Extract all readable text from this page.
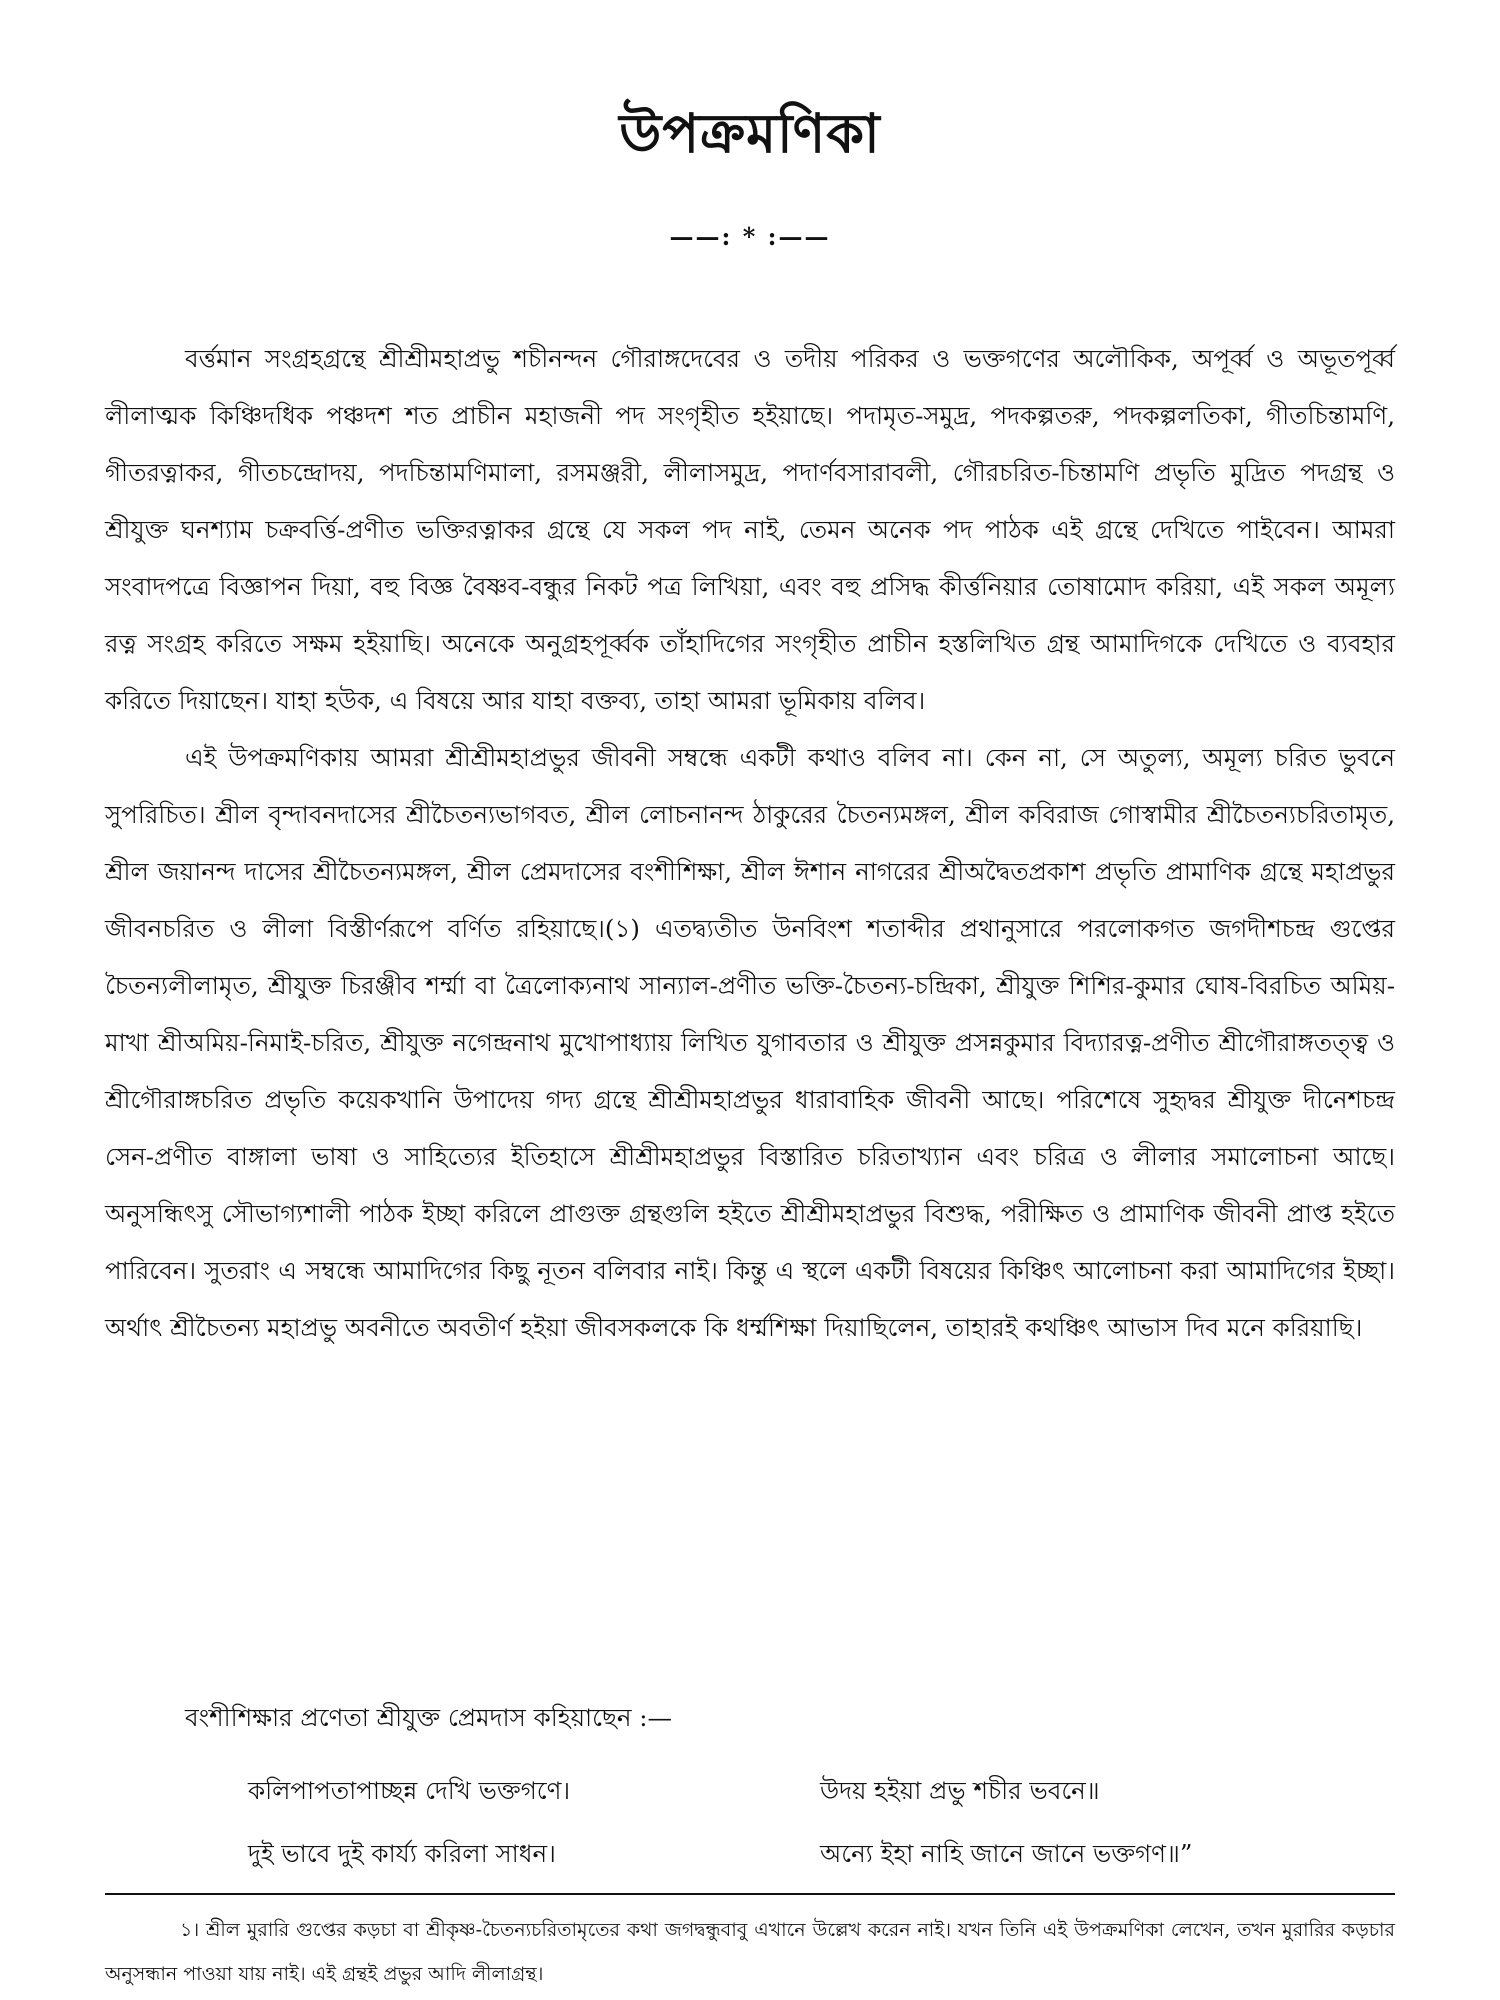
উপক্রমণিকা
——: * :——

বর্ত্তমান সংগ্রহগ্রন্থে শ্রীশ্রীমহাপ্রভু শচীনন্দন গৌরাঙ্গদেবের ও তদীয় পরিকর ও ভক্তগণের অলৌকিক, অপূর্ব্ব ও অভূতপূর্ব্ব লীলাত্মক কিঞ্চিদধিক পঞ্চদশ শত প্রাচীন মহাজনী পদ সংগৃহীত হইয়াছে। পদামৃত-সমুদ্র, পদকল্পতরু, পদকল্পলতিকা, গীতচিন্তামণি, গীতরত্নাকর, গীতচন্দ্রোদয়, পদচিন্তামণিমালা, রসমঞ্জরী, লীলাসমুদ্র, পদার্ণবসারাবলী, গৌরচরিত-চিন্তামণি প্রভৃতি মুদ্রিত পদগ্রন্থ ও শ্রীযুক্ত ঘনশ্যাম চক্রবর্ত্তি-প্রণীত ভক্তিরত্নাকর গ্রন্থে যে সকল পদ নাই, তেমন অনেক পদ পাঠক এই গ্রন্থে দেখিতে পাইবেন। আমরা সংবাদপত্রে বিজ্ঞাপন দিয়া, বহু বিজ্ঞ বৈষ্ণব-বন্ধুর নিকট পত্র লিখিয়া, এবং বহু প্রসিদ্ধ কীর্ত্তনিয়ার তোষামোদ করিয়া, এই সকল অমূল্য রত্ন সংগ্রহ করিতে সক্ষম হইয়াছি। অনেকে অনুগ্রহপূর্ব্বক তাঁহাদিগের সংগৃহীত প্রাচীন হস্তলিখিত গ্রন্থ আমাদিগকে দেখিতে ও ব্যবহার করিতে দিয়াছেন। যাহা হউক, এ বিষয়ে আর যাহা বক্তব্য, তাহা আমরা ভূমিকায় বলিব।

এই উপক্রমণিকায় আমরা শ্রীশ্রীমহাপ্রভুর জীবনী সম্বন্ধে একটী কথাও বলিব না। কেন না, সে অতুল্য, অমূল্য চরিত ভুবনে সুপরিচিত। শ্রীল বৃন্দাবনদাসের শ্রীচৈতন্যভাগবত, শ্রীল লোচনানন্দ ঠাকুরের চৈতন্যমঙ্গল, শ্রীল কবিরাজ গোস্বামীর শ্রীচৈতন্যচরিতামৃত, শ্রীল জয়ানন্দ দাসের শ্রীচৈতন্যমঙ্গল, শ্রীল প্রেমদাসের বংশীশিক্ষা, শ্রীল ঈশান নাগরের শ্রীঅদ্বৈতপ্রকাশ প্রভৃতি প্রামাণিক গ্রন্থে মহাপ্রভুর জীবনচরিত ও লীলা বিস্তীর্ণরূপে বর্ণিত রহিয়াছে।(১) এতদ্ব্যতীত উনবিংশ শতাব্দীর প্রথানুসারে পরলোকগত জগদীশচন্দ্র গুপ্তের চৈতন্যলীলামৃত, শ্রীযুক্ত চিরঞ্জীব শর্ম্মা বা ত্রৈলোক্যনাথ সান্যাল-প্রণীত ভক্তি-চৈতন্য-চন্দ্রিকা, শ্রীযুক্ত শিশির-কুমার ঘোষ-বিরচিত অমিয়-মাখা শ্রীঅমিয়-নিমাই-চরিত, শ্রীযুক্ত নগেন্দ্রনাথ মুখোপাধ্যায় লিখিত যুগাবতার ও শ্রীযুক্ত প্রসন্নকুমার বিদ্যারত্ন-প্রণীত শ্রীগৌরাঙ্গতত্ত্ব ও শ্রীগৌরাঙ্গচরিত প্রভৃতি কয়েকখানি উপাদেয় গদ্য গ্রন্থে শ্রীশ্রীমহাপ্রভুর ধারাবাহিক জীবনী আছে। পরিশেষে সুহৃদ্বর শ্রীযুক্ত দীনেশচন্দ্র সেন-প্রণীত বাঙ্গালা ভাষা ও সাহিত্যের ইতিহাসে শ্রীশ্রীমহাপ্রভুর বিস্তারিত চরিতাখ্যান এবং চরিত্র ও লীলার সমালোচনা আছে। অনুসন্ধিৎসু সৌভাগ্যশালী পাঠক ইচ্ছা করিলে প্রাগুক্ত গ্রন্থগুলি হইতে শ্রীশ্রীমহাপ্রভুর বিশুদ্ধ, পরীক্ষিত ও প্রামাণিক জীবনী প্রাপ্ত হইতে পারিবেন। সুতরাং এ সম্বন্ধে আমাদিগের কিছু নূতন বলিবার নাই। কিন্তু এ স্থলে একটী বিষয়ের কিঞ্চিৎ আলোচনা করা আমাদিগের ইচ্ছা। অর্থাৎ শ্রীচৈতন্য মহাপ্রভু অবনীতে অবতীর্ণ হইয়া জীবসকলকে কি ধর্ম্মশিক্ষা দিয়াছিলেন, তাহারই কথঞ্চিৎ আভাস দিব মনে করিয়াছি।

বংশীশিক্ষার প্রণেতা শ্রীযুক্ত প্রেমদাস কহিয়াছেন :—
কলিপাপতাপাচ্ছন্ন দেখি ভক্তগণে।	উদয় হইয়া প্রভু শচীর ভবনে॥
দুই ভাবে দুই কার্য্য করিলা সাধন।	অন্যে ইহা নাহি জানে জানে ভক্তগণ॥”

১। শ্রীল মুরারি গুপ্তের কড়চা বা শ্রীকৃষ্ণ-চৈতন্যচরিতামৃতের কথা জগদ্বন্ধুবাবু এখানে উল্লেখ করেন নাই। যখন তিনি এই উপক্রমণিকা লেখেন, তখন মুরারির কড়চার অনুসন্ধান পাওয়া যায় নাই। এই গ্রন্থই প্রভুর আদি লীলাগ্রন্থ।
